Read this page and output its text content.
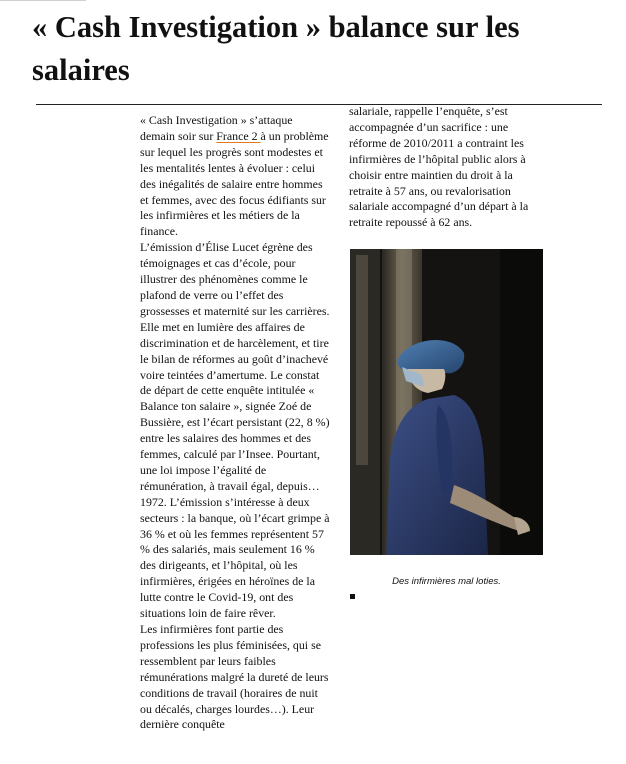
« Cash Investigation » balance sur les salaires

« Cash Investigation » s’attaque demain soir sur France 2 à un problème sur lequel les progrès sont modestes et les mentalités lentes à évoluer : celui des inégalités de salaire entre hommes et femmes, avec des focus édifiants sur les infirmières et les métiers de la finance.

L’émission d’Élise Lucet égrène des témoignages et cas d’école, pour illustrer des phénomènes comme le plafond de verre ou l’effet des grossesses et maternité sur les carrières. Elle met en lumière des affaires de discrimination et de harcèlement, et tire le bilan de réformes au goût d’inachevé voire teintées d’amertume. Le constat de départ de cette enquête intitulée « Balance ton salaire », signée Zoé de Bussière, est l’écart persistant (22, 8 %) entre les salaires des hommes et des femmes, calculé par l’Insee. Pourtant, une loi impose l’égalité de rémunération, à travail égal, depuis… 1972. L’émission s’intéresse à deux secteurs : la banque, où l’écart grimpe à 36 % et où les femmes représentent 57 % des salariés, mais seulement 16 % des dirigeants, et l’hôpital, où les infirmières, érigées en héroïnes de la lutte contre le Covid-19, ont des situations loin de faire rêver.

Les infirmières font partie des professions les plus féminisées, qui se ressemblent par leurs faibles rémunérations malgré la dureté de leurs conditions de travail (horaires de nuit ou décalés, charges lourdes…). Leur dernière conquête

salariale, rappelle l’enquête, s’est accompagnée d’un sacrifice : une réforme de 2010/2011 a contraint les infirmières de l’hôpital public alors à choisir entre maintien du droit à la retraite à 57 ans, ou revalorisation salariale accompagné d’un départ à la retraite repoussé à 62 ans.

Des infirmières mal loties.
